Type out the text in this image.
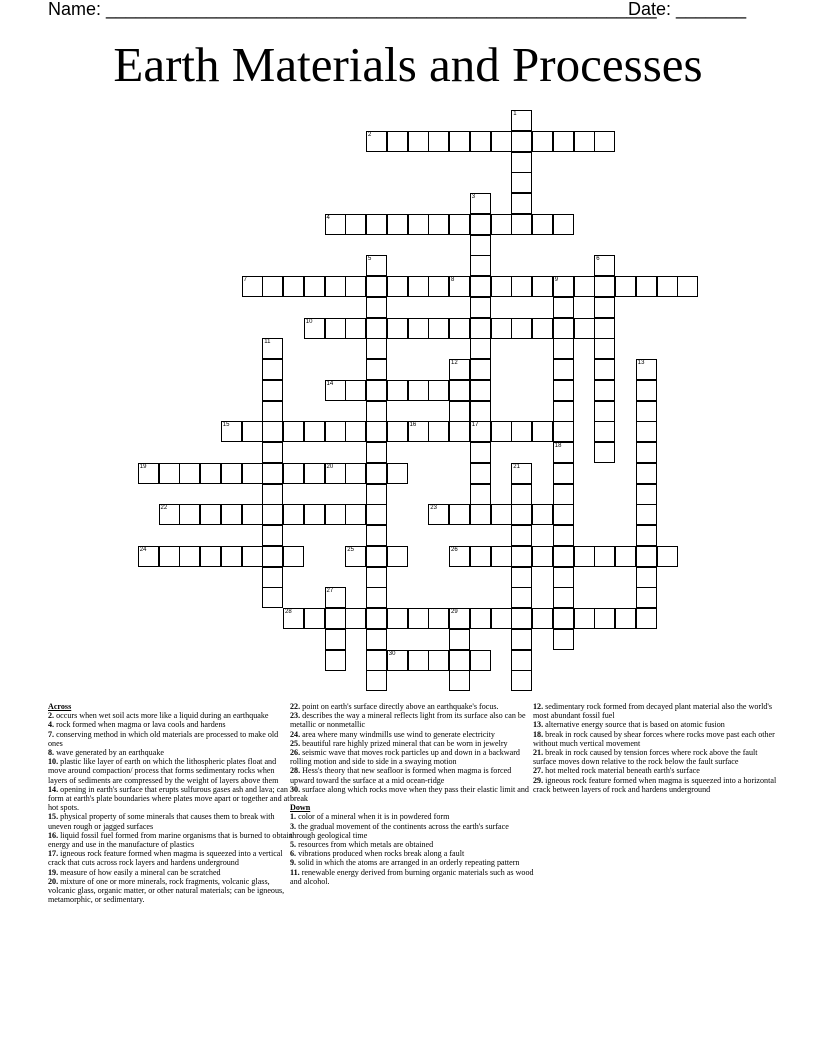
Name: _______________________________________________________
Date: _______
Earth Materials and Processes
1
2
3
17
4
5	6
7	8	9
10
11
12	13
14
15	16
18
19	20	21
22	23
24	25	26
27
28	29
30
Across
2. occurs when wet soil acts more like a liquid during an earthquake
4. rock formed when magma or lava cools and hardens
7. conserving method in which old materials are processed to make old ones
8. wave generated by an earthquake
10. plastic like layer of earth on which the lithospheric plates float and move around compaction/ process that forms sedimentary rocks when layers of sediments are compressed by the weight of layers above them
14. opening in earth's surface that erupts sulfurous gases ash and lava; can form at earth's plate boundaries where plates move apart or together and at hot spots.
15. physical property of some minerals that causes them to break with uneven rough or jagged surfaces
16. liquid fossil fuel formed from marine organisms that is burned to obtain energy and use in the manufacture of plastics
17. igneous rock feature formed when magma is squeezed into a vertical crack that cuts across rock layers and hardens underground
19. measure of how easily a mineral can be scratched
20. mixture of one or more minerals, rock fragments, volcanic glass, volcanic glass, organic matter, or other natural materials; can be igneous, metamorphic, or sedimentary.
22. point on earth's surface directly above an earthquake's focus.
23. describes the way a mineral reflects light from its surface also can be metallic or nonmetallic
24. area where many windmills use wind to generate electricity
25. beautiful rare highly prized mineral that can be worn in jewelry
26. seismic wave that moves rock particles up and down in a backward rolling motion and side to side in a swaying motion
28. Hess's theory that new seafloor is formed when magma is forced upward toward the surface at a mid ocean-ridge
30. surface along which rocks move when they pass their elastic limit and break
Down
1. color of a mineral when it is in powdered form
3. the gradual movement of the continents across the earth's surface through geological time
5. resources from which metals are obtained
6. vibrations produced when rocks break along a fault
9. solid in which the atoms are arranged in an orderly repeating pattern
11. renewable energy derived from burning organic materials such as wood and alcohol.
12. sedimentary rock formed from decayed plant material also the world's most abundant fossil fuel
13. alternative energy source that is based on atomic fusion
18. break in rock caused by shear forces where rocks move past each other without much vertical movement
21. break in rock caused by tension forces where rock above the fault surface moves down relative to the rock below the fault surface
27. hot melted rock material beneath earth's surface
29. igneous rock feature formed when magma is squeezed into a horizontal crack between layers of rock and hardens underground
